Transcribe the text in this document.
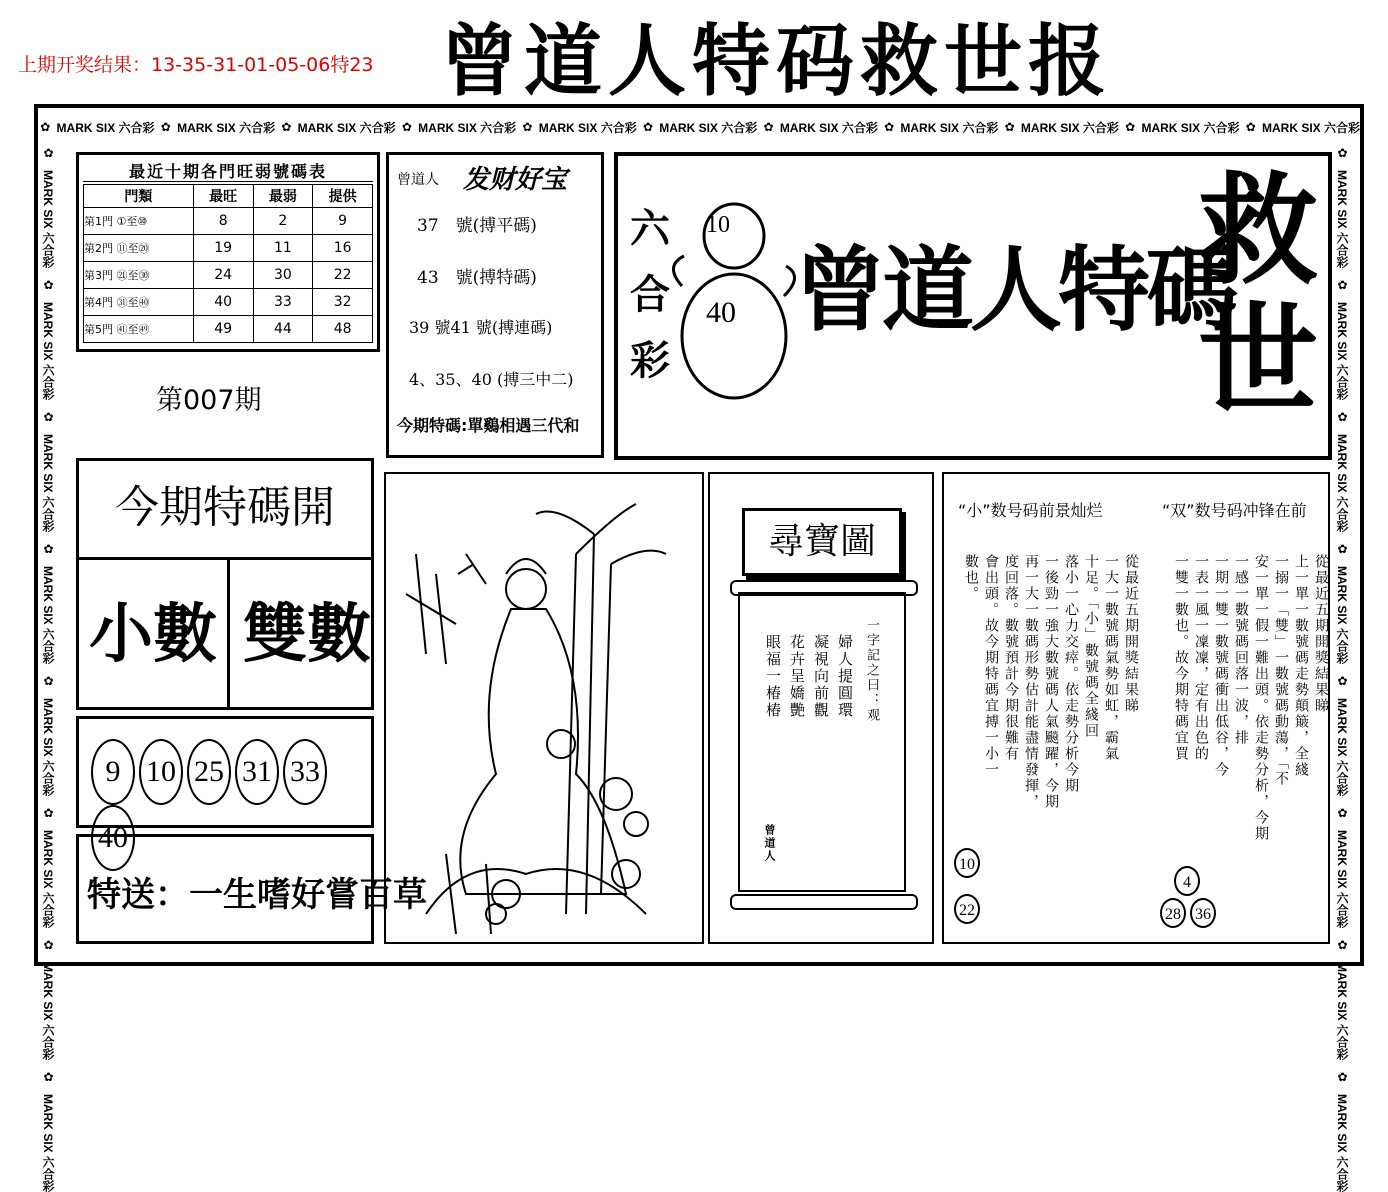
上期开奖结果：13-35-31-01-05-06特23 曾道人特码救世报
✿ MARK SIX 六合彩 ✿ MARK SIX 六合彩 ✿ MARK SIX 六合彩 ✿ MARK SIX 六合彩 ✿ MARK SIX 六合彩 ✿ MARK SIX 六合彩 ✿ MARK SIX 六合彩 ✿ MARK SIX 六合彩 ✿ MARK SIX 六合彩 ✿ MARK SIX 六合彩 ✿ MARK SIX 六合彩
✿
MARK SIX 六合彩
✿
MARK SIX 六合彩
✿
MARK SIX 六合彩
✿
MARK SIX 六合彩
✿
MARK SIX 六合彩
✿
MARK SIX 六合彩
✿
MARK SIX 六合彩
✿
MARK SIX 六合彩
✿
MARK SIX 六合彩
✿
MARK SIX 六合彩
✿
MARK SIX 六合彩
✿
MARK SIX 六合彩
✿
MARK SIX 六合彩
✿
MARK SIX 六合彩
✿
MARK SIX 六合彩
✿
MARK SIX 六合彩
最近十期各門旺弱號碼表
門類	最旺	最弱	提供
第1門 ①至⑩	8	2	9
第2門 ⑪至⑳	19	11	16
第3門 ㉑至㉚	24	30	22
第4門 ㉛至㊵	40	33	32
第5門 ㊶至㊾	49	44	48
第007期
曾道人 发财好宝
37　號(搏平碼)
43　號(搏特碼)
39 號41 號(搏連碼)
4、35、40 (搏三中二)
今期特碼:單鷄相遇三代和
六合彩
10
40 曾道人特碼
救
世
今期特碼開
小數 雙數
9 10 25 31 3340
特送：一生嗜好嘗百草
尋寶圖
一字記之曰：观
婦人提圓環
凝視向前觀
花卉呈嬌艷
眼福一椿椿
曾道人
“小”数号码前景灿烂	“双”数号码冲锋在前
從最近五期開獎結果睇
一大一數號碼氣勢如虹，霸氣
十足。「小」數號碼全綫回
落小一心力交瘁。依走勢分析今期
一後勁一強大數號碼人氣飈躍，今期
再一大一數碼形勢估計能盡情發揮，
度回落。數號預計今期很難有
會出頭。故今期特碼宜搏一小一
數也。	從最近五期開獎結果睇
上一單一數號碼走勢顛簸，全綫
一搦一「雙」一數號碼動蕩，「不
安一單一假一難出頭。依走勢分析，今期
一感一數號碼回落一波，排
一期一雙一數號碼衝出低谷，今
一表一風一凜凜，定有出色的
一雙一數也。故今期特碼宜買
10
22
4
28 36
